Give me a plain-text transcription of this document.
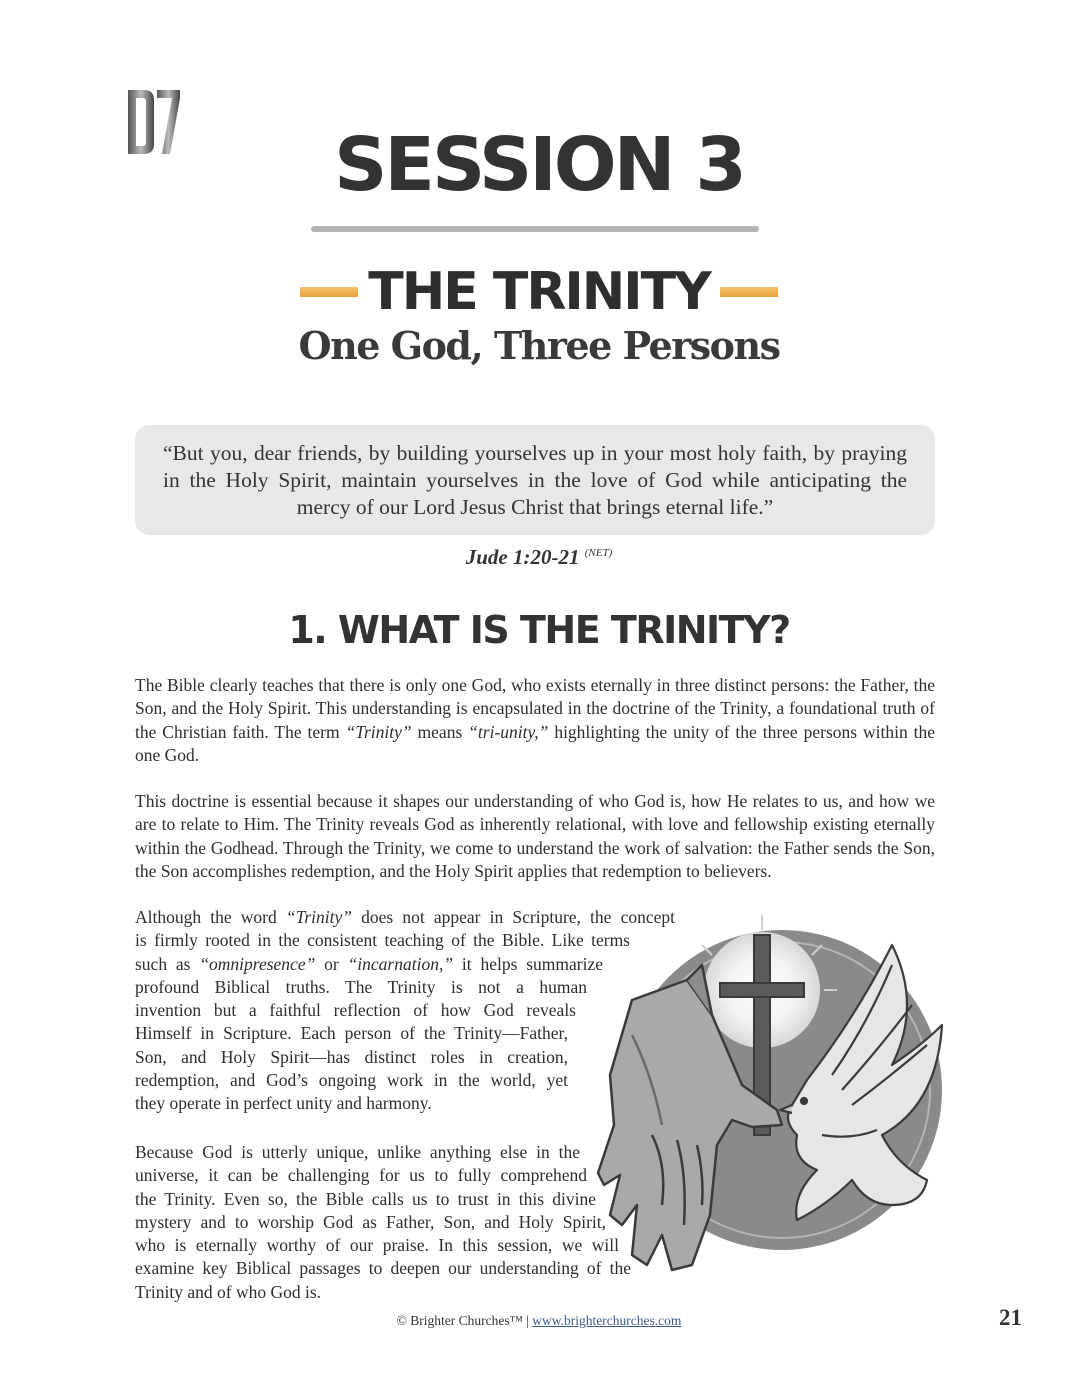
SESSION 3
THE TRINITY
One God, Three Persons
“But you, dear friends, by building yourselves up in your most holy faith, by praying in the Holy Spirit, maintain yourselves in the love of God while anticipating the mercy of our Lord Jesus Christ that brings eternal life.”
Jude 1:20-21 $^{(NET)}$
1. WHAT IS THE TRINITY?

The Bible clearly teaches that there is only one God, who exists eternally in three distinct persons: the Father, the Son, and the Holy Spirit. This understanding is encapsulated in the doctrine of the Trinity, a foundational truth of the Christian faith. The term “Trinity” means “tri-unity,” highlighting the unity of the three persons within the one God.

This doctrine is essential because it shapes our understanding of who God is, how He relates to us, and how we are to relate to Him. The Trinity reveals God as inherently relational, with love and fellowship existing eternally within the Godhead. Through the Trinity, we come to understand the work of salvation: the Father sends the Son, the Son accomplishes redemption, and the Holy Spirit applies that redemption to believers.

Although the word “Trinity” does not appear in Scripture, the concept
is firmly rooted in the consistent teaching of the Bible. Like terms
such as “omnipresence” or “incarnation,” it helps summarize
profound Biblical truths. The Trinity is not a human
invention but a faithful reflection of how God reveals
Himself in Scripture. Each person of the Trinity—Father,
Son, and Holy Spirit—has distinct roles in creation,
redemption, and God’s ongoing work in the world, yet
they operate in perfect unity and harmony.
Because God is utterly unique, unlike anything else in the
universe, it can be challenging for us to fully comprehend
the Trinity. Even so, the Bible calls us to trust in this divine
mystery and to worship God as Father, Son, and Holy Spirit,
who is eternally worthy of our praise. In this session, we will
examine key Biblical passages to deepen our understanding of the
Trinity and of who God is.
© Brighter Churches™ | www.brighterchurches.com	21
